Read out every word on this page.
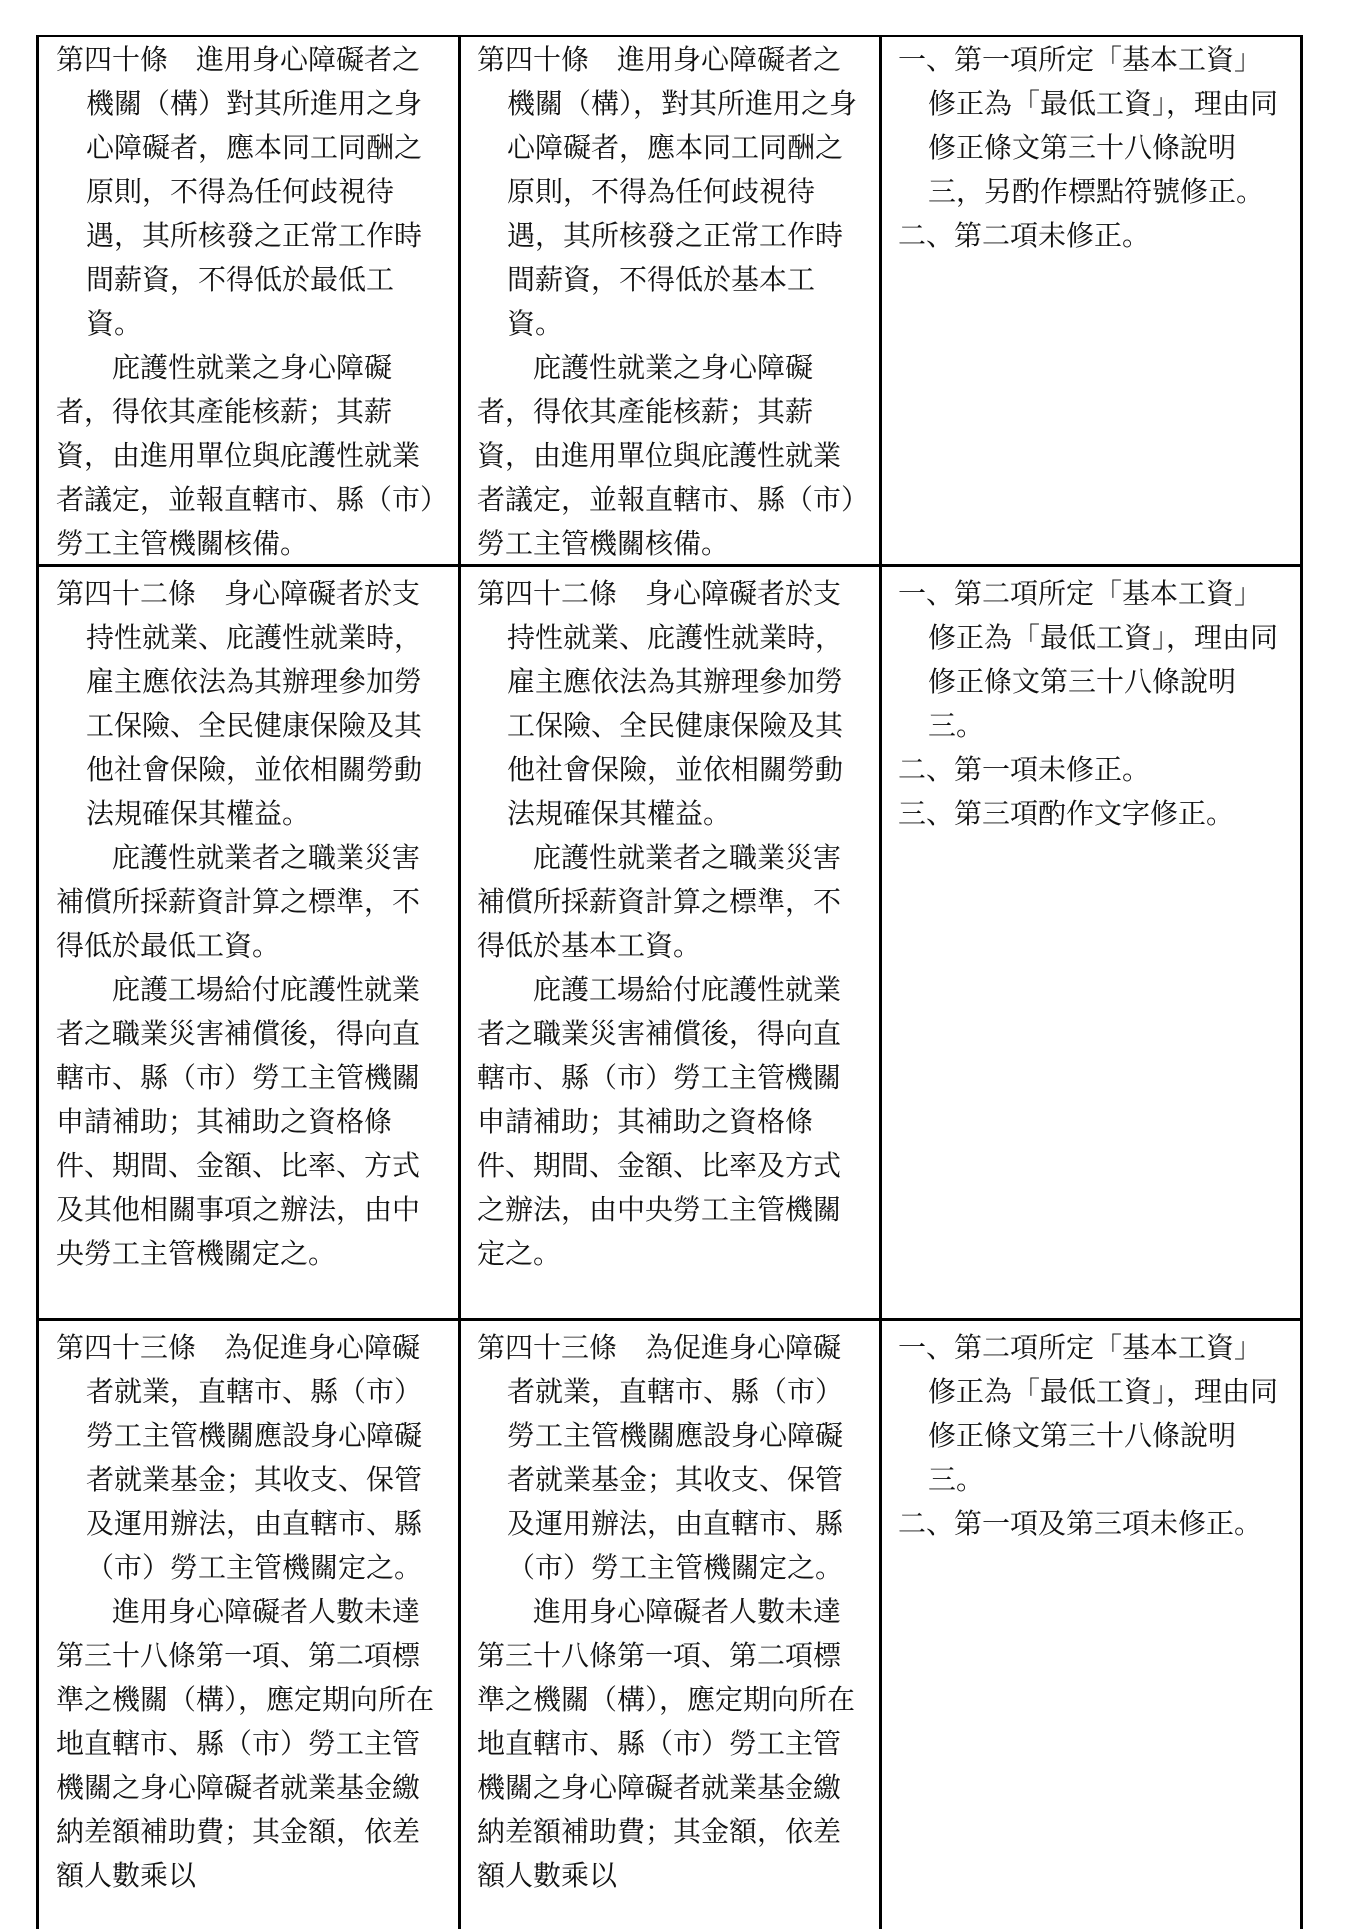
第四十條　進用身心障礙者之機關（構）對其所進用之身心障礙者，應本同工同酬之原則，不得為任何歧視待遇，其所核發之正常工作時間薪資，不得低於最低工資。

庇護性就業之身心障礙者，得依其產能核薪；其薪資，由進用單位與庇護性就業者議定，並報直轄市、縣（市）勞工主管機關核備。

第四十條　進用身心障礙者之機關（構），對其所進用之身心障礙者，應本同工同酬之原則，不得為任何歧視待遇，其所核發之正常工作時間薪資，不得低於基本工資。

庇護性就業之身心障礙者，得依其產能核薪；其薪資，由進用單位與庇護性就業者議定，並報直轄市、縣（市）勞工主管機關核備。

一、第一項所定「基本工資」修正為「最低工資」，理由同修正條文第三十八條說明三，另酌作標點符號修正。

二、第二項未修正。

第四十二條　身心障礙者於支持性就業、庇護性就業時，雇主應依法為其辦理參加勞工保險、全民健康保險及其他社會保險，並依相關勞動法規確保其權益。

庇護性就業者之職業災害補償所採薪資計算之標準，不得低於最低工資。

庇護工場給付庇護性就業者之職業災害補償後，得向直轄市、縣（市）勞工主管機關申請補助；其補助之資格條件、期間、金額、比率、方式及其他相關事項之辦法，由中央勞工主管機關定之。

第四十二條　身心障礙者於支持性就業、庇護性就業時，雇主應依法為其辦理參加勞工保險、全民健康保險及其他社會保險，並依相關勞動法規確保其權益。

庇護性就業者之職業災害補償所採薪資計算之標準，不得低於基本工資。

庇護工場給付庇護性就業者之職業災害補償後，得向直轄市、縣（市）勞工主管機關申請補助；其補助之資格條件、期間、金額、比率及方式之辦法，由中央勞工主管機關定之。

一、第二項所定「基本工資」修正為「最低工資」，理由同修正條文第三十八條說明三。

二、第一項未修正。

三、第三項酌作文字修正。

第四十三條　為促進身心障礙者就業，直轄市、縣（市）勞工主管機關應設身心障礙者就業基金；其收支、保管及運用辦法，由直轄市、縣（市）勞工主管機關定之。

進用身心障礙者人數未達第三十八條第一項、第二項標準之機關（構），應定期向所在地直轄市、縣（市）勞工主管機關之身心障礙者就業基金繳納差額補助費；其金額，依差額人數乘以

第四十三條　為促進身心障礙者就業，直轄市、縣（市）勞工主管機關應設身心障礙者就業基金；其收支、保管及運用辦法，由直轄市、縣（市）勞工主管機關定之。

進用身心障礙者人數未達第三十八條第一項、第二項標準之機關（構），應定期向所在地直轄市、縣（市）勞工主管機關之身心障礙者就業基金繳納差額補助費；其金額，依差額人數乘以

一、第二項所定「基本工資」修正為「最低工資」，理由同修正條文第三十八條說明三。

二、第一項及第三項未修正。
